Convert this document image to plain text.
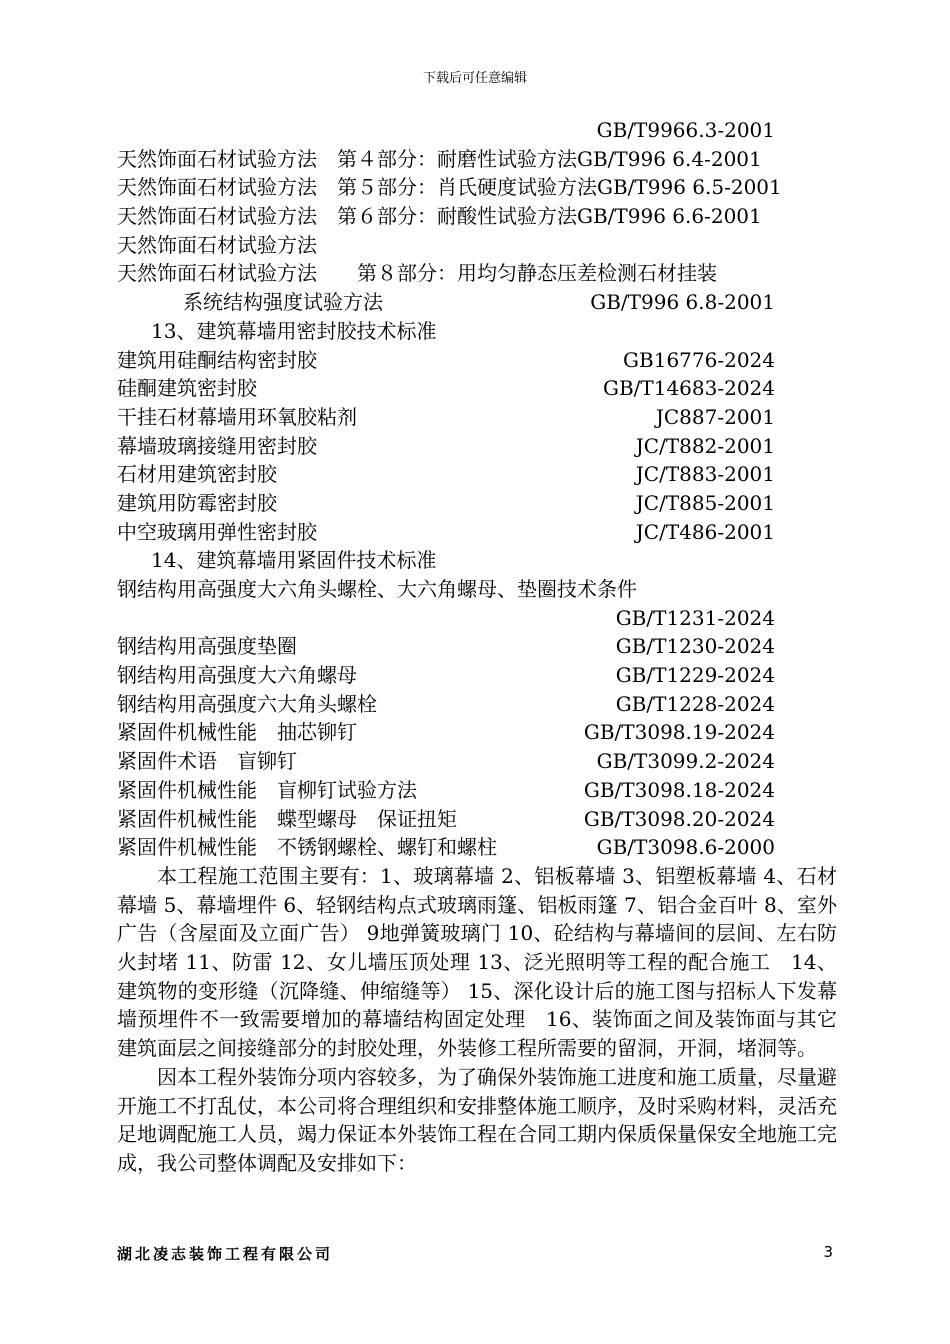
下载后可任意编辑
GB/T9966.3-2001
天然饰面石材试验方法　第４部分：耐磨性试验方法GB/T996 6.4-2001
天然饰面石材试验方法　第５部分：肖氏硬度试验方法GB/T996 6.5-2001
天然饰面石材试验方法　第６部分：耐酸性试验方法GB/T996 6.6-2001
天然饰面石材试验方法
天然饰面石材试验方法　　第８部分：用均匀静态压差检测石材挂装
系统结构强度试验方法	GB/T996 6.8-2001
13、建筑幕墙用密封胶技术标准
建筑用硅酮结构密封胶	GB16776-2024
硅酮建筑密封胶	GB/T14683-2024
干挂石材幕墙用环氧胶粘剂	JC887-2001
幕墙玻璃接缝用密封胶	JC/T882-2001
石材用建筑密封胶	JC/T883-2001
建筑用防霉密封胶	JC/T885-2001
中空玻璃用弹性密封胶	JC/T486-2001
14、建筑幕墙用紧固件技术标准
钢结构用高强度大六角头螺栓、大六角螺母、垫圈技术条件
GB/T1231-2024
钢结构用高强度垫圈	GB/T1230-2024
钢结构用高强度大六角螺母	GB/T1229-2024
钢结构用高强度六大角头螺栓	GB/T1228-2024
紧固件机械性能　抽芯铆钉	GB/T3098.19-2024
紧固件术语　盲铆钉	GB/T3099.2-2024
紧固件机械性能　盲柳钉试验方法	GB/T3098.18-2024
紧固件机械性能　蝶型螺母　保证扭矩	GB/T3098.20-2024
紧固件机械性能　不锈钢螺栓、螺钉和螺柱	GB/T3098.6-2000

本工程施工范围主要有：1、玻璃幕墙 2、铝板幕墙 3、铝塑板幕墙 4、石材幕墙 5、幕墙埋件 6、轻钢结构点式玻璃雨篷、铝板雨篷 7、铝合金百叶 8、室外广告（含屋面及立面广告） 9地弹簧玻璃门 10、砼结构与幕墙间的层间、左右防火封堵 11、防雷 12、女儿墙压顶处理 13、泛光照明等工程的配合施工　14、建筑物的变形缝（沉降缝、伸缩缝等） 15、深化设计后的施工图与招标人下发幕墙预埋件不一致需要增加的幕墙结构固定处理　16、装饰面之间及装饰面与其它建筑面层之间接缝部分的封胶处理，外装修工程所需要的留洞，开洞，堵洞等。

因本工程外装饰分项内容较多，为了确保外装饰施工进度和施工质量，尽量避开施工不打乱仗，本公司将合理组织和安排整体施工顺序，及时采购材料，灵活充足地调配施工人员，竭力保证本外装饰工程在合同工期内保质保量保安全地施工完成，我公司整体调配及安排如下：

湖北凌志装饰工程有限公司	3
